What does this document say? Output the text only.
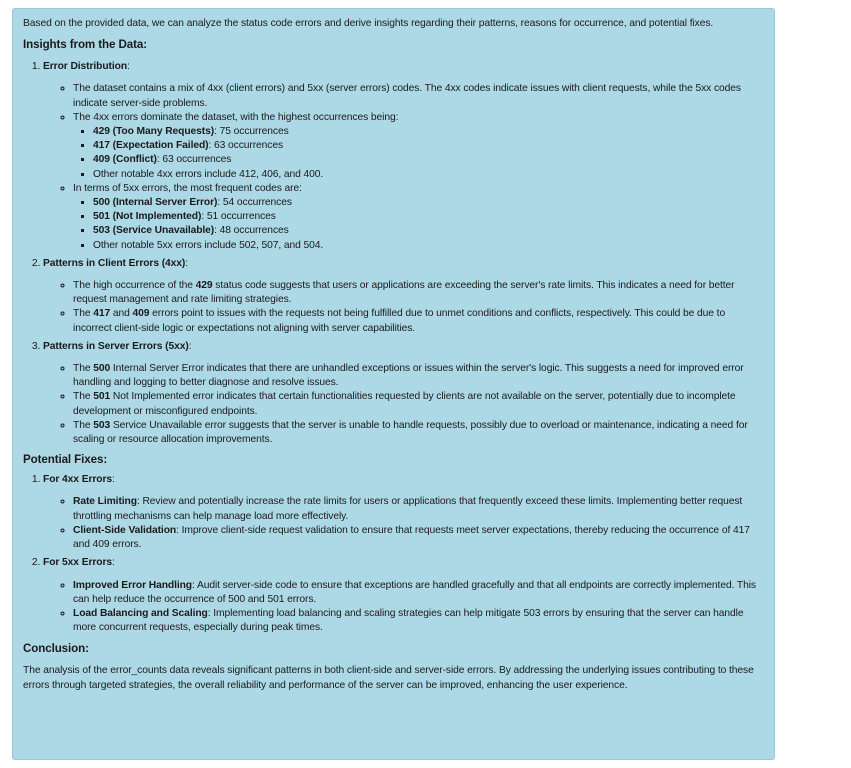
Based on the provided data, we can analyze the status code errors and derive insights regarding their patterns, reasons for occurrence, and potential fixes.

Insights from the Data:
1. Error Distribution:
◦ The dataset contains a mix of 4xx (client errors) and 5xx (server errors) codes. The 4xx codes indicate issues with client requests, while the 5xx codes indicate server-side problems.
◦ The 4xx errors dominate the dataset, with the highest occurrences being:
▪ 429 (Too Many Requests): 75 occurrences
▪ 417 (Expectation Failed): 63 occurrences
▪ 409 (Conflict): 63 occurrences
▪ Other notable 4xx errors include 412, 406, and 400.
◦ In terms of 5xx errors, the most frequent codes are:
▪ 500 (Internal Server Error): 54 occurrences
▪ 501 (Not Implemented): 51 occurrences
▪ 503 (Service Unavailable): 48 occurrences
▪ Other notable 5xx errors include 502, 507, and 504.
2. Patterns in Client Errors (4xx):
◦ The high occurrence of the 429 status code suggests that users or applications are exceeding the server's rate limits. This indicates a need for better request management and rate limiting strategies.
◦ The 417 and 409 errors point to issues with the requests not being fulfilled due to unmet conditions and conflicts, respectively. This could be due to incorrect client-side logic or expectations not aligning with server capabilities.
3. Patterns in Server Errors (5xx):
◦ The 500 Internal Server Error indicates that there are unhandled exceptions or issues within the server's logic. This suggests a need for improved error handling and logging to better diagnose and resolve issues.
◦ The 501 Not Implemented error indicates that certain functionalities requested by clients are not available on the server, potentially due to incomplete development or misconfigured endpoints.
◦ The 503 Service Unavailable error suggests that the server is unable to handle requests, possibly due to overload or maintenance, indicating a need for scaling or resource allocation improvements.
Potential Fixes:
1. For 4xx Errors:
◦ Rate Limiting: Review and potentially increase the rate limits for users or applications that frequently exceed these limits. Implementing better request throttling mechanisms can help manage load more effectively.
◦ Client-Side Validation: Improve client-side request validation to ensure that requests meet server expectations, thereby reducing the occurrence of 417 and 409 errors.
2. For 5xx Errors:
◦ Improved Error Handling: Audit server-side code to ensure that exceptions are handled gracefully and that all endpoints are correctly implemented. This can help reduce the occurrence of 500 and 501 errors.
◦ Load Balancing and Scaling: Implementing load balancing and scaling strategies can help mitigate 503 errors by ensuring that the server can handle more concurrent requests, especially during peak times.
Conclusion:

The analysis of the error_counts data reveals significant patterns in both client-side and server-side errors. By addressing the underlying issues contributing to these errors through targeted strategies, the overall reliability and performance of the server can be improved, enhancing the user experience.
